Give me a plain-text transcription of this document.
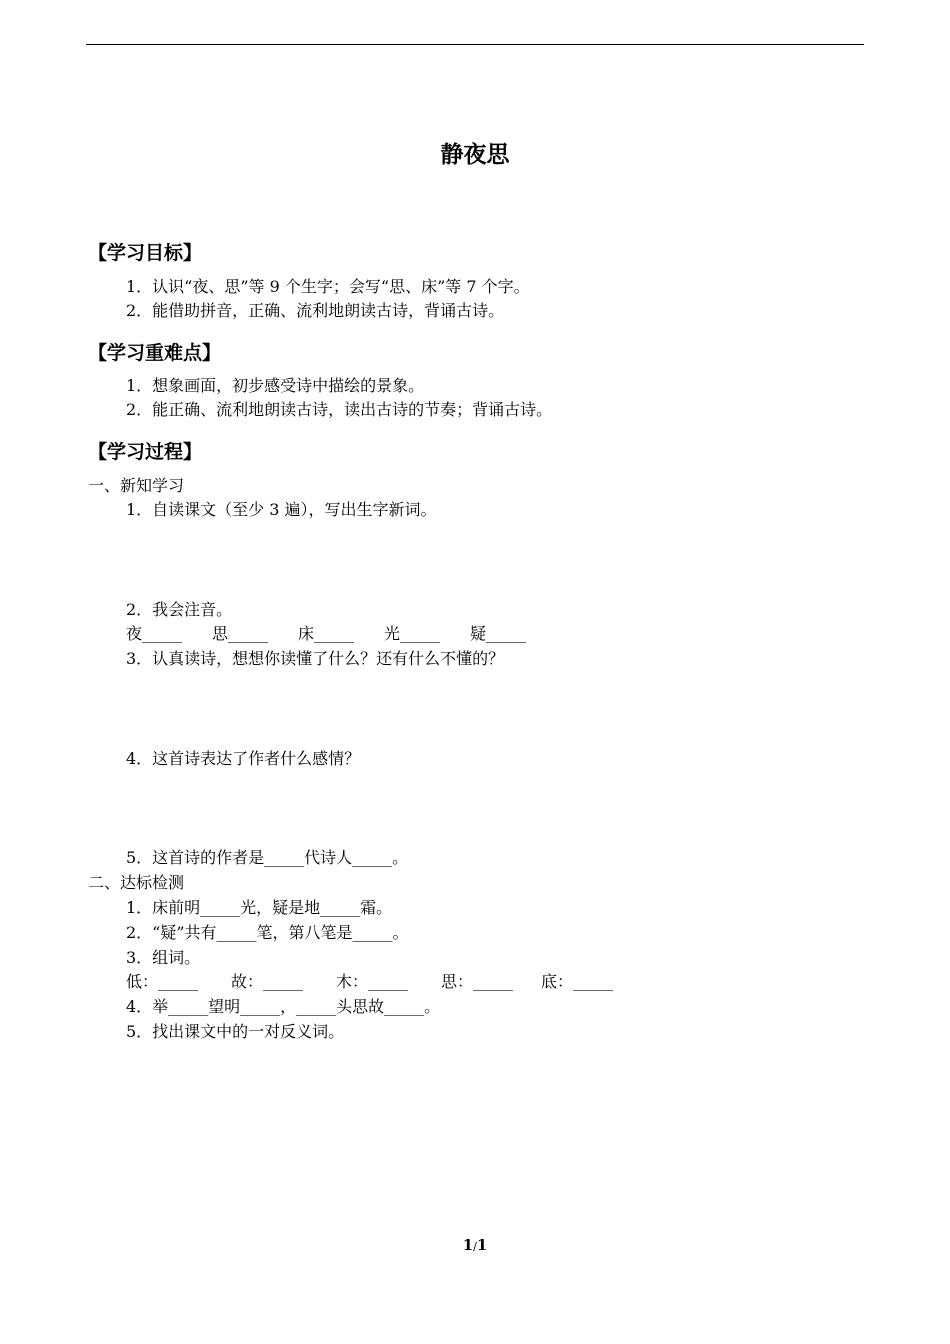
静夜思
【学习目标】
1．认识“夜、思”等 9 个生字；会写“思、床”等 7 个字。
2．能借助拼音，正确、流利地朗读古诗，背诵古诗。
【学习重难点】
1．想象画面，初步感受诗中描绘的景象。
2．能正确、流利地朗读古诗，读出古诗的节奏；背诵古诗。
【学习过程】
一、新知学习
1．自读课文（至少 3 遍），写出生字新词。
2．我会注音。
夜_____ 思_____ 床_____ 光_____ 疑_____
3．认真读诗，想想你读懂了什么？还有什么不懂的？
4．这首诗表达了作者什么感情？
5．这首诗的作者是_____代诗人_____。
二、达标检测
1．床前明_____光，疑是地_____霜。
2．“疑”共有_____笔，第八笔是_____。
3．组词。
低：_____ 故：_____ 木：_____ 思：_____ 底：_____
4．举_____望明_____，_____头思故_____。
5．找出课文中的一对反义词。
1/1
